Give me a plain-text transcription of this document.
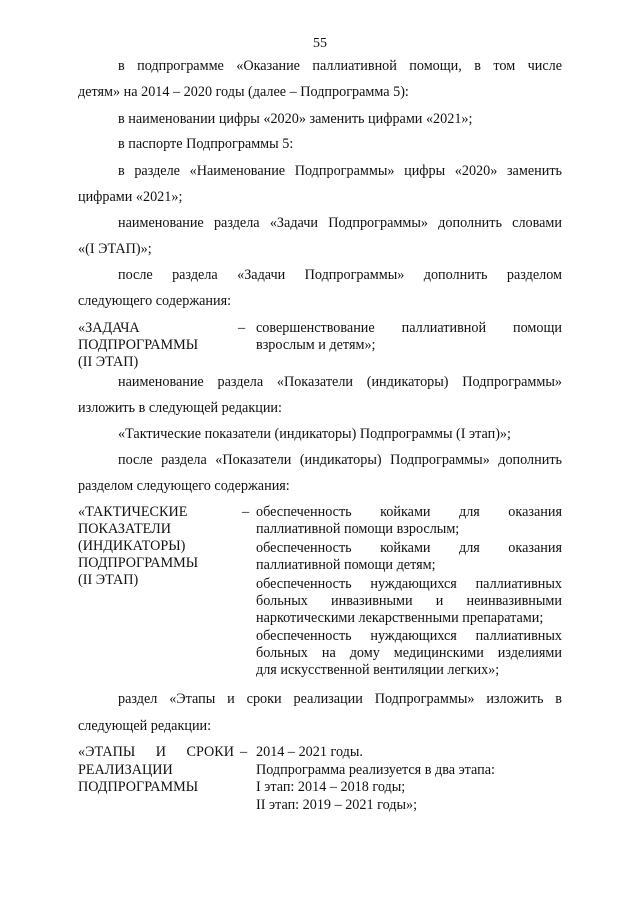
55
в подпрограмме «Оказание паллиативной помощи, в том числе
детям» на 2014 – 2020 годы (далее – Подпрограмма 5):
в наименовании цифры «2020» заменить цифрами «2021»;
в паспорте Подпрограммы 5:
в разделе «Наименование Подпрограммы» цифры «2020» заменить
цифрами «2021»;
наименование раздела «Задачи Подпрограммы» дополнить словами
«(I ЭТАП)»;
после раздела «Задачи Подпрограммы» дополнить разделом
следующего содержания:
«ЗАДАЧА
ПОДПРОГРАММЫ
(II ЭТАП)
– совершенствование паллиативной помощи
взрослым и детям»;
наименование раздела «Показатели (индикаторы) Подпрограммы»
изложить в следующей редакции:
«Тактические показатели (индикаторы) Подпрограммы (I этап)»;
после раздела «Показатели (индикаторы) Подпрограммы» дополнить
разделом следующего содержания:
«ТАКТИЧЕСКИЕ
ПОКАЗАТЕЛИ
(ИНДИКАТОРЫ)
ПОДПРОГРАММЫ
(II ЭТАП)
– обеспеченность койками для оказания
паллиативной помощи взрослым;
обеспеченность койками для оказания
паллиативной помощи детям;
обеспеченность нуждающихся паллиативных
больных инвазивными и неинвазивными
наркотическими лекарственными препаратами;
обеспеченность нуждающихся паллиативных
больных на дому медицинскими изделиями
для искусственной вентиляции легких»;
раздел «Этапы и сроки реализации Подпрограммы» изложить в
следующей редакции:
«ЭТАПЫ И СРОКИ
РЕАЛИЗАЦИИ
ПОДПРОГРАММЫ
– 2014 – 2021 годы.
Подпрограмма реализуется в два этапа:
I этап: 2014 – 2018 годы;
II этап: 2019 – 2021 годы»;
